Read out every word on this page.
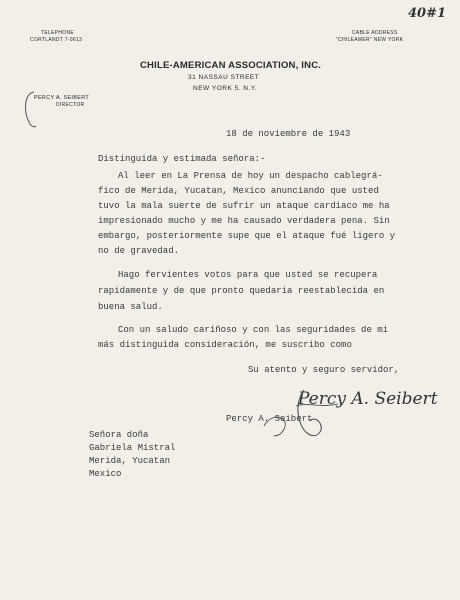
40#1
TELEPHONE
CORTLANDT 7-0613
CABLE ADDRESS
"CHILEAMER" NEW YORK
CHILE-AMERICAN ASSOCIATION, INC.
31 NASSAU STREET
NEW YORK 5. N.Y.
PERCY A. SEIBERT
DIRECTOR
18 de noviembre de 1943
Distinguida y estimada señora:-
Al leer en La Prensa de hoy un despacho cablegrá-
fico de Merida, Yucatan, Mexico anunciando que usted
tuvo la mala suerte de sufrir un ataque cardiaco me ha
impresionado mucho y me ha causado verdadera pena. Sin
embargo, posteriormente supe que el ataque fué ligero y
no de gravedad.
Hago fervientes votos para que usted se recupera
rapidamente y de que pronto quedaria reestablecida en
buena salud.
Con un saludo cariñoso y con las seguridades de mi
más distinguida consideración, me suscribo como
Su atento y seguro servidor,
Percy A. Seibert
Percy A. Seibert
Señora doña
Gabriela Mistral
Merida, Yucatan
Mexico
